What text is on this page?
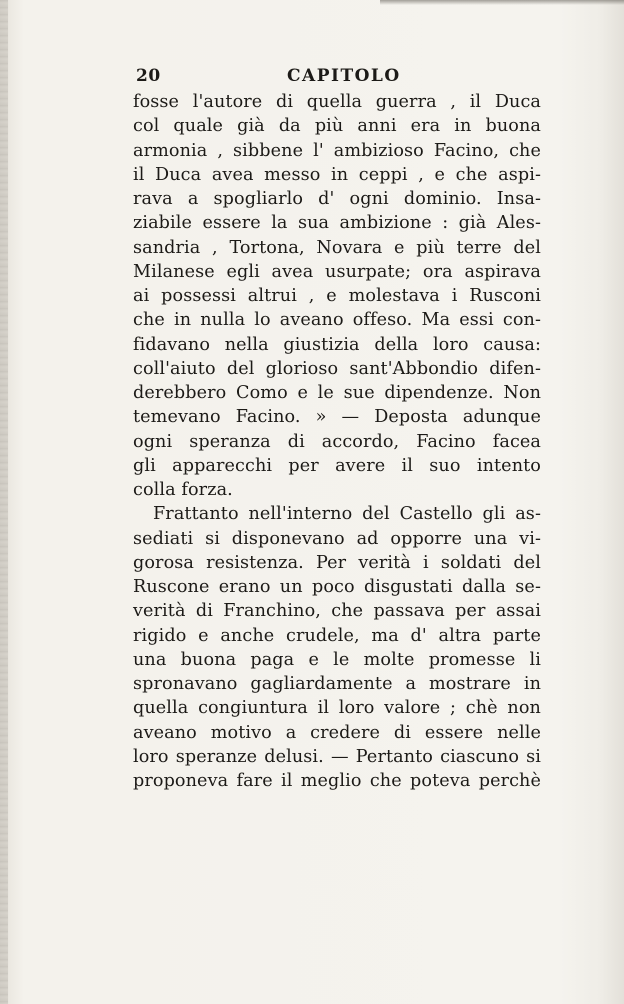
20	CAPITOLO
fosse l'autore di quella guerra , il Duca
col quale già da più anni era in buona
armonia , sibbene l' ambizioso Facino, che
il Duca avea messo in ceppi , e che aspi-
rava a spogliarlo d' ogni dominio. Insa-
ziabile essere la sua ambizione : già Ales-
sandria , Tortona, Novara e più terre del
Milanese egli avea usurpate; ora aspirava
ai possessi altrui , e molestava i Rusconi
che in nulla lo aveano offeso. Ma essi con-
fidavano nella giustizia della loro causa:
coll'aiuto del glorioso sant'Abbondio difen-
derebbero Como e le sue dipendenze. Non
temevano Facino. » — Deposta adunque
ogni speranza di accordo, Facino facea
gli apparecchi per avere il suo intento
colla forza.
Frattanto nell'interno del Castello gli as-
sediati si disponevano ad opporre una vi-
gorosa resistenza. Per verità i soldati del
Ruscone erano un poco disgustati dalla se-
verità di Franchino, che passava per assai
rigido e anche crudele, ma d' altra parte
una buona paga e le molte promesse li
spronavano gagliardamente a mostrare in
quella congiuntura il loro valore ; chè non
aveano motivo a credere di essere nelle
loro speranze delusi. — Pertanto ciascuno si
proponeva fare il meglio che poteva perchè
